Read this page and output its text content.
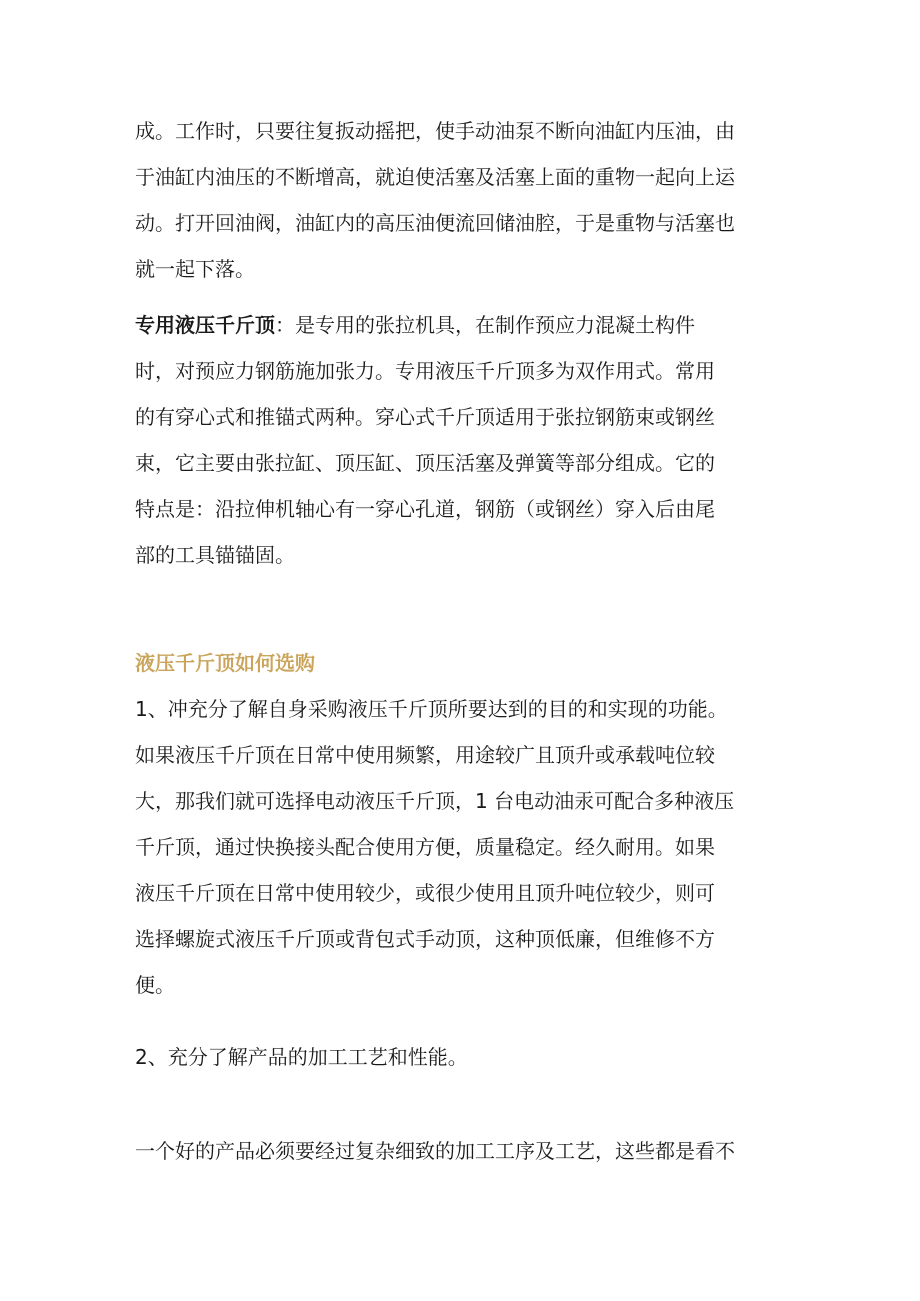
成。工作时，只要往复扳动摇把，使手动油泵不断向油缸内压油，由
于油缸内油压的不断增高，就迫使活塞及活塞上面的重物一起向上运
动。打开回油阀，油缸内的高压油便流回储油腔，于是重物与活塞也
就一起下落。
专用液压千斤顶：是专用的张拉机具，在制作预应力混凝土构件
时，对预应力钢筋施加张力。专用液压千斤顶多为双作用式。常用
的有穿心式和推锚式两种。穿心式千斤顶适用于张拉钢筋束或钢丝
束，它主要由张拉缸、顶压缸、顶压活塞及弹簧等部分组成。它的
特点是：沿拉伸机轴心有一穿心孔道，钢筋（或钢丝）穿入后由尾
部的工具锚锚固。
液压千斤顶如何选购
1、冲充分了解自身采购液压千斤顶所要达到的目的和实现的功能。
如果液压千斤顶在日常中使用频繁，用途较广且顶升或承载吨位较
大，那我们就可选择电动液压千斤顶，1 台电动油汞可配合多种液压
千斤顶，通过快换接头配合使用方便，质量稳定。经久耐用。如果
液压千斤顶在日常中使用较少，或很少使用且顶升吨位较少，则可
选择螺旋式液压千斤顶或背包式手动顶，这种顶低廉，但维修不方
便。
2、充分了解产品的加工工艺和性能。
一个好的产品必须要经过复杂细致的加工工序及工艺，这些都是看不
